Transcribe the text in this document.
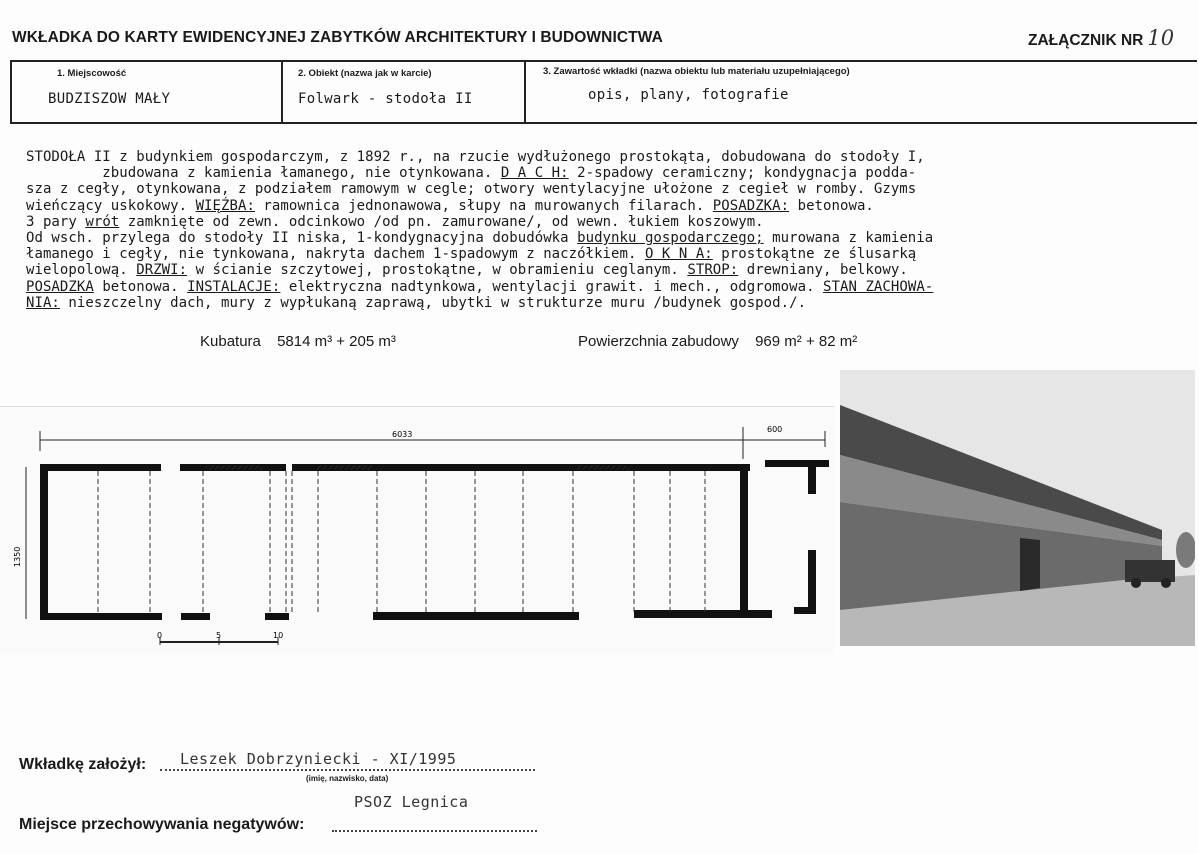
WKŁADKA DO KARTY EWIDENCYJNEJ ZABYTKÓW ARCHITEKTURY I BUDOWNICTWA	ZAŁĄCZNIK NR 10
1. Miejscowość
BUDZISZOW MAŁY
2. Obiekt (nazwa jak w karcie)
Folwark - stodoła II
3. Zawartość wkładki (nazwa obiektu lub materiału uzupełniającego)
opis, plany, fotografie
STODOŁA II z budynkiem gospodarczym, z 1892 r., na rzucie wydłużonego prostokąta, dobudowana do stodoły I,
zbudowana z kamienia łamanego, nie otynkowana. D A C H: 2-spadowy ceramiczny; kondygnacja podda-
sza z cegły, otynkowana, z podziałem ramowym w cegle; otwory wentylacyjne ułożone z cegieł w romby. Gzyms
wieńczący uskokowy. WIĘŹBA: ramownica jednonawowa, słupy na murowanych filarach. POSADZKA: betonowa.
3 pary wrót zamknięte od zewn. odcinkowo /od pn. zamurowane/, od wewn. łukiem koszowym.
Od wsch. przylega do stodoły II niska, 1-kondygnacyjna dobudówka budynku gospodarczego; murowana z kamienia
łamanego i cegły, nie tynkowana, nakryta dachem 1-spadowym z naczółkiem. O K N A: prostokątne ze ślusarką
wielopolową. DRZWI: w ścianie szczytowej, prostokątne, w obramieniu ceglanym. STROP: drewniany, belkowy.
POSADZKA betonowa. INSTALACJE: elektryczna nadtynkowa, wentylacji grawit. i mech., odgromowa. STAN ZACHOWA-
NIA: nieszczelny dach, mury z wypłukaną zaprawą, ubytki w strukturze muru /budynek gospod./.
Kubatura 5814 m³ + 205 m³	Powierzchnia zabudowy 969 m² + 82 m²
6033
600
1350
0	5	10
Wkładkę założył: Leszek Dobrzyniecki - XI/1995
(imię, nazwisko, data)
PSOZ Legnica
Miejsce przechowywania negatywów:
